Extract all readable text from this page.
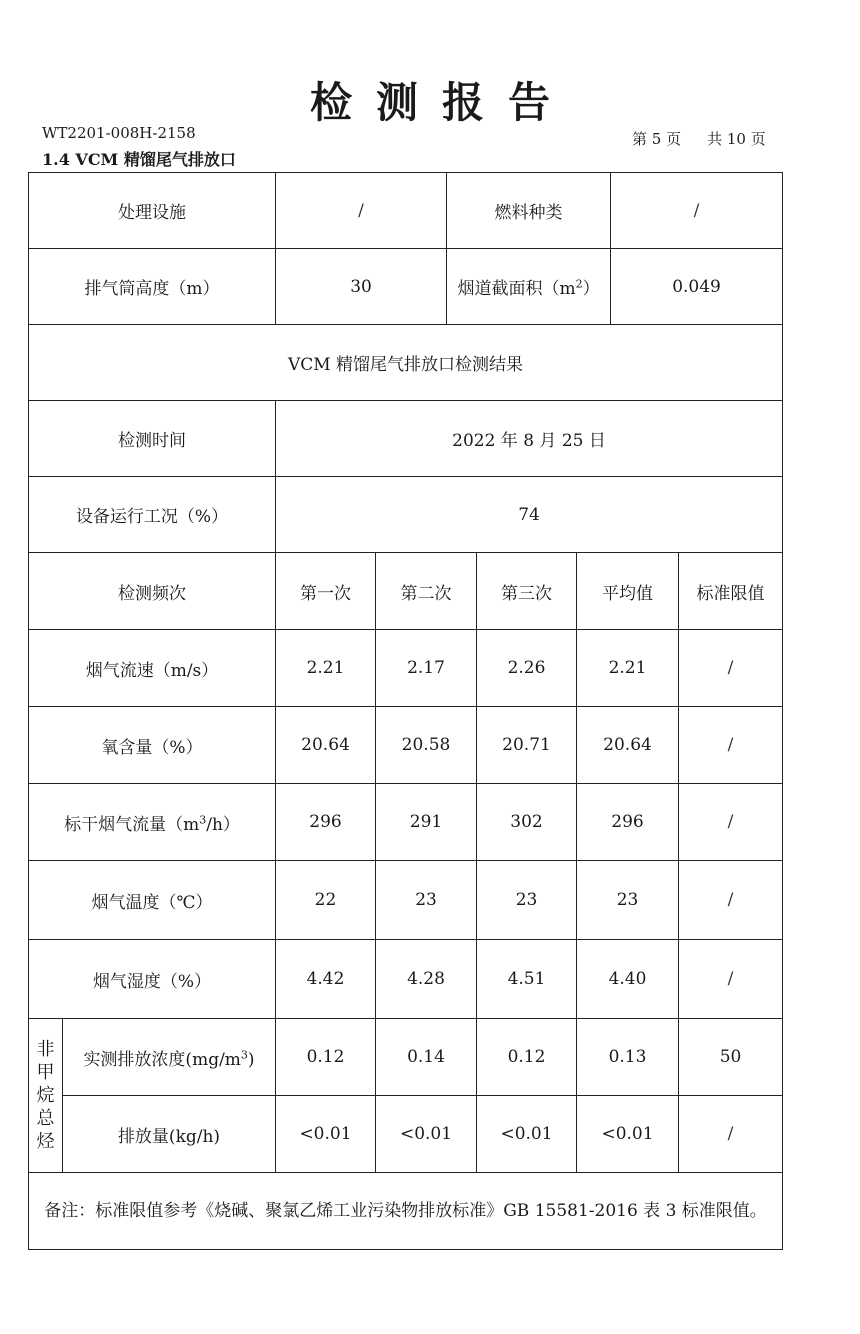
检测报告
WT2201-008H-2158	第 5 页 共 10 页
1.4 VCM 精馏尾气排放口
处理设施		/		燃料种类			/	
排气筒高度（m）		30		烟道截面积$(m^2)$			0.049	
VCM 精馏尾气排放口检测结果								
检测时间		2022 年 8 月 25 日						
设备运行工况（%）		74						
检测频次		第一次	第二次		第三次	平均值		标准限值
烟气流速（m/s）		2.21	2.17		2.26	2.21		/
氧含量（%）		20.64	20.58		20.71	20.64		/
标干烟气流量$(m^3/h)$		296	291		302	296		/
烟气温度（℃）		22	23		23	23		/
烟气湿度（%）		4.42	4.28		4.51	4.40		/

非
甲
烷
总
烃	实测排放浓度$(mg/m^3)$	0.12	0.14		0.12	0.13		50
	排放量(kg/h)	<0.01	<0.01		<0.01	<0.01		/
备注：标准限值参考《烧碱、聚氯乙烯工业污染物排放标准》GB 15581-2016 表 3 标准限值。								
